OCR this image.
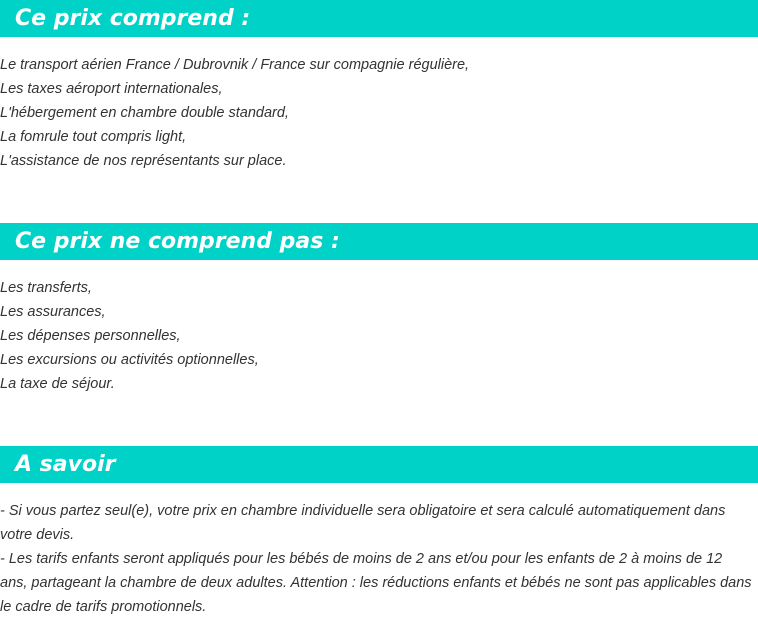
Ce prix comprend :
Le transport aérien France / Dubrovnik / France sur compagnie régulière,
Les taxes aéroport internationales,
L'hébergement en chambre double standard,
La fomrule tout compris light,
L'assistance de nos représentants sur place.
Ce prix ne comprend pas :
Les transferts,
Les assurances,
Les dépenses personnelles,
Les excursions ou activités optionnelles,
La taxe de séjour.
A savoir
- Si vous partez seul(e), votre prix en chambre individuelle sera obligatoire et sera calculé automatiquement dans votre devis.
- Les tarifs enfants seront appliqués pour les bébés de moins de 2 ans et/ou pour les enfants de 2 à moins de 12 ans, partageant la chambre de deux adultes. Attention : les réductions enfants et bébés ne sont pas applicables dans le cadre de tarifs promotionnels.
